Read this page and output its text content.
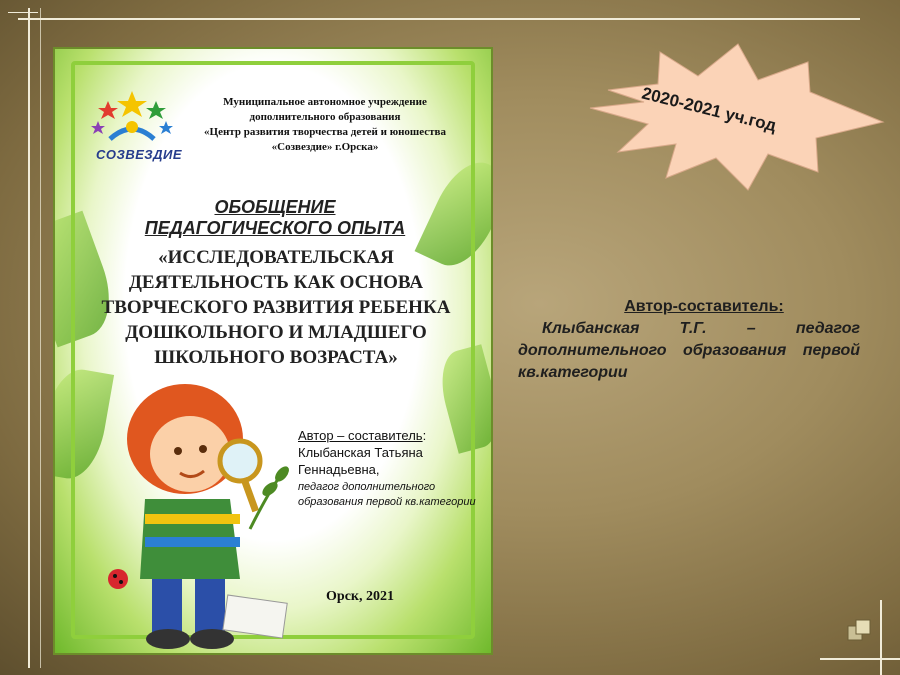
СОЗВЕЗДИЕ
Муниципальное автономное учреждение
дополнительного образования
«Центр развития творчества детей и юношества
«Созвездие» г.Орска»
ОБОБЩЕНИЕ
ПЕДАГОГИЧЕСКОГО ОПЫТА
«ИССЛЕДОВАТЕЛЬСКАЯ
ДЕЯТЕЛЬНОСТЬ КАК ОСНОВА
ТВОРЧЕСКОГО РАЗВИТИЯ РЕБЕНКА
ДОШКОЛЬНОГО И МЛАДШЕГО
ШКОЛЬНОГО ВОЗРАСТА»
Автор – составитель:
Клыбанская Татьяна
Геннадьевна,
педагог дополнительного образования первой кв.категории
Орск, 2021
2020-2021 уч.год
Автор-составитель:
Клыбанская Т.Г. – педагог дополнительного образования первой кв.категории
